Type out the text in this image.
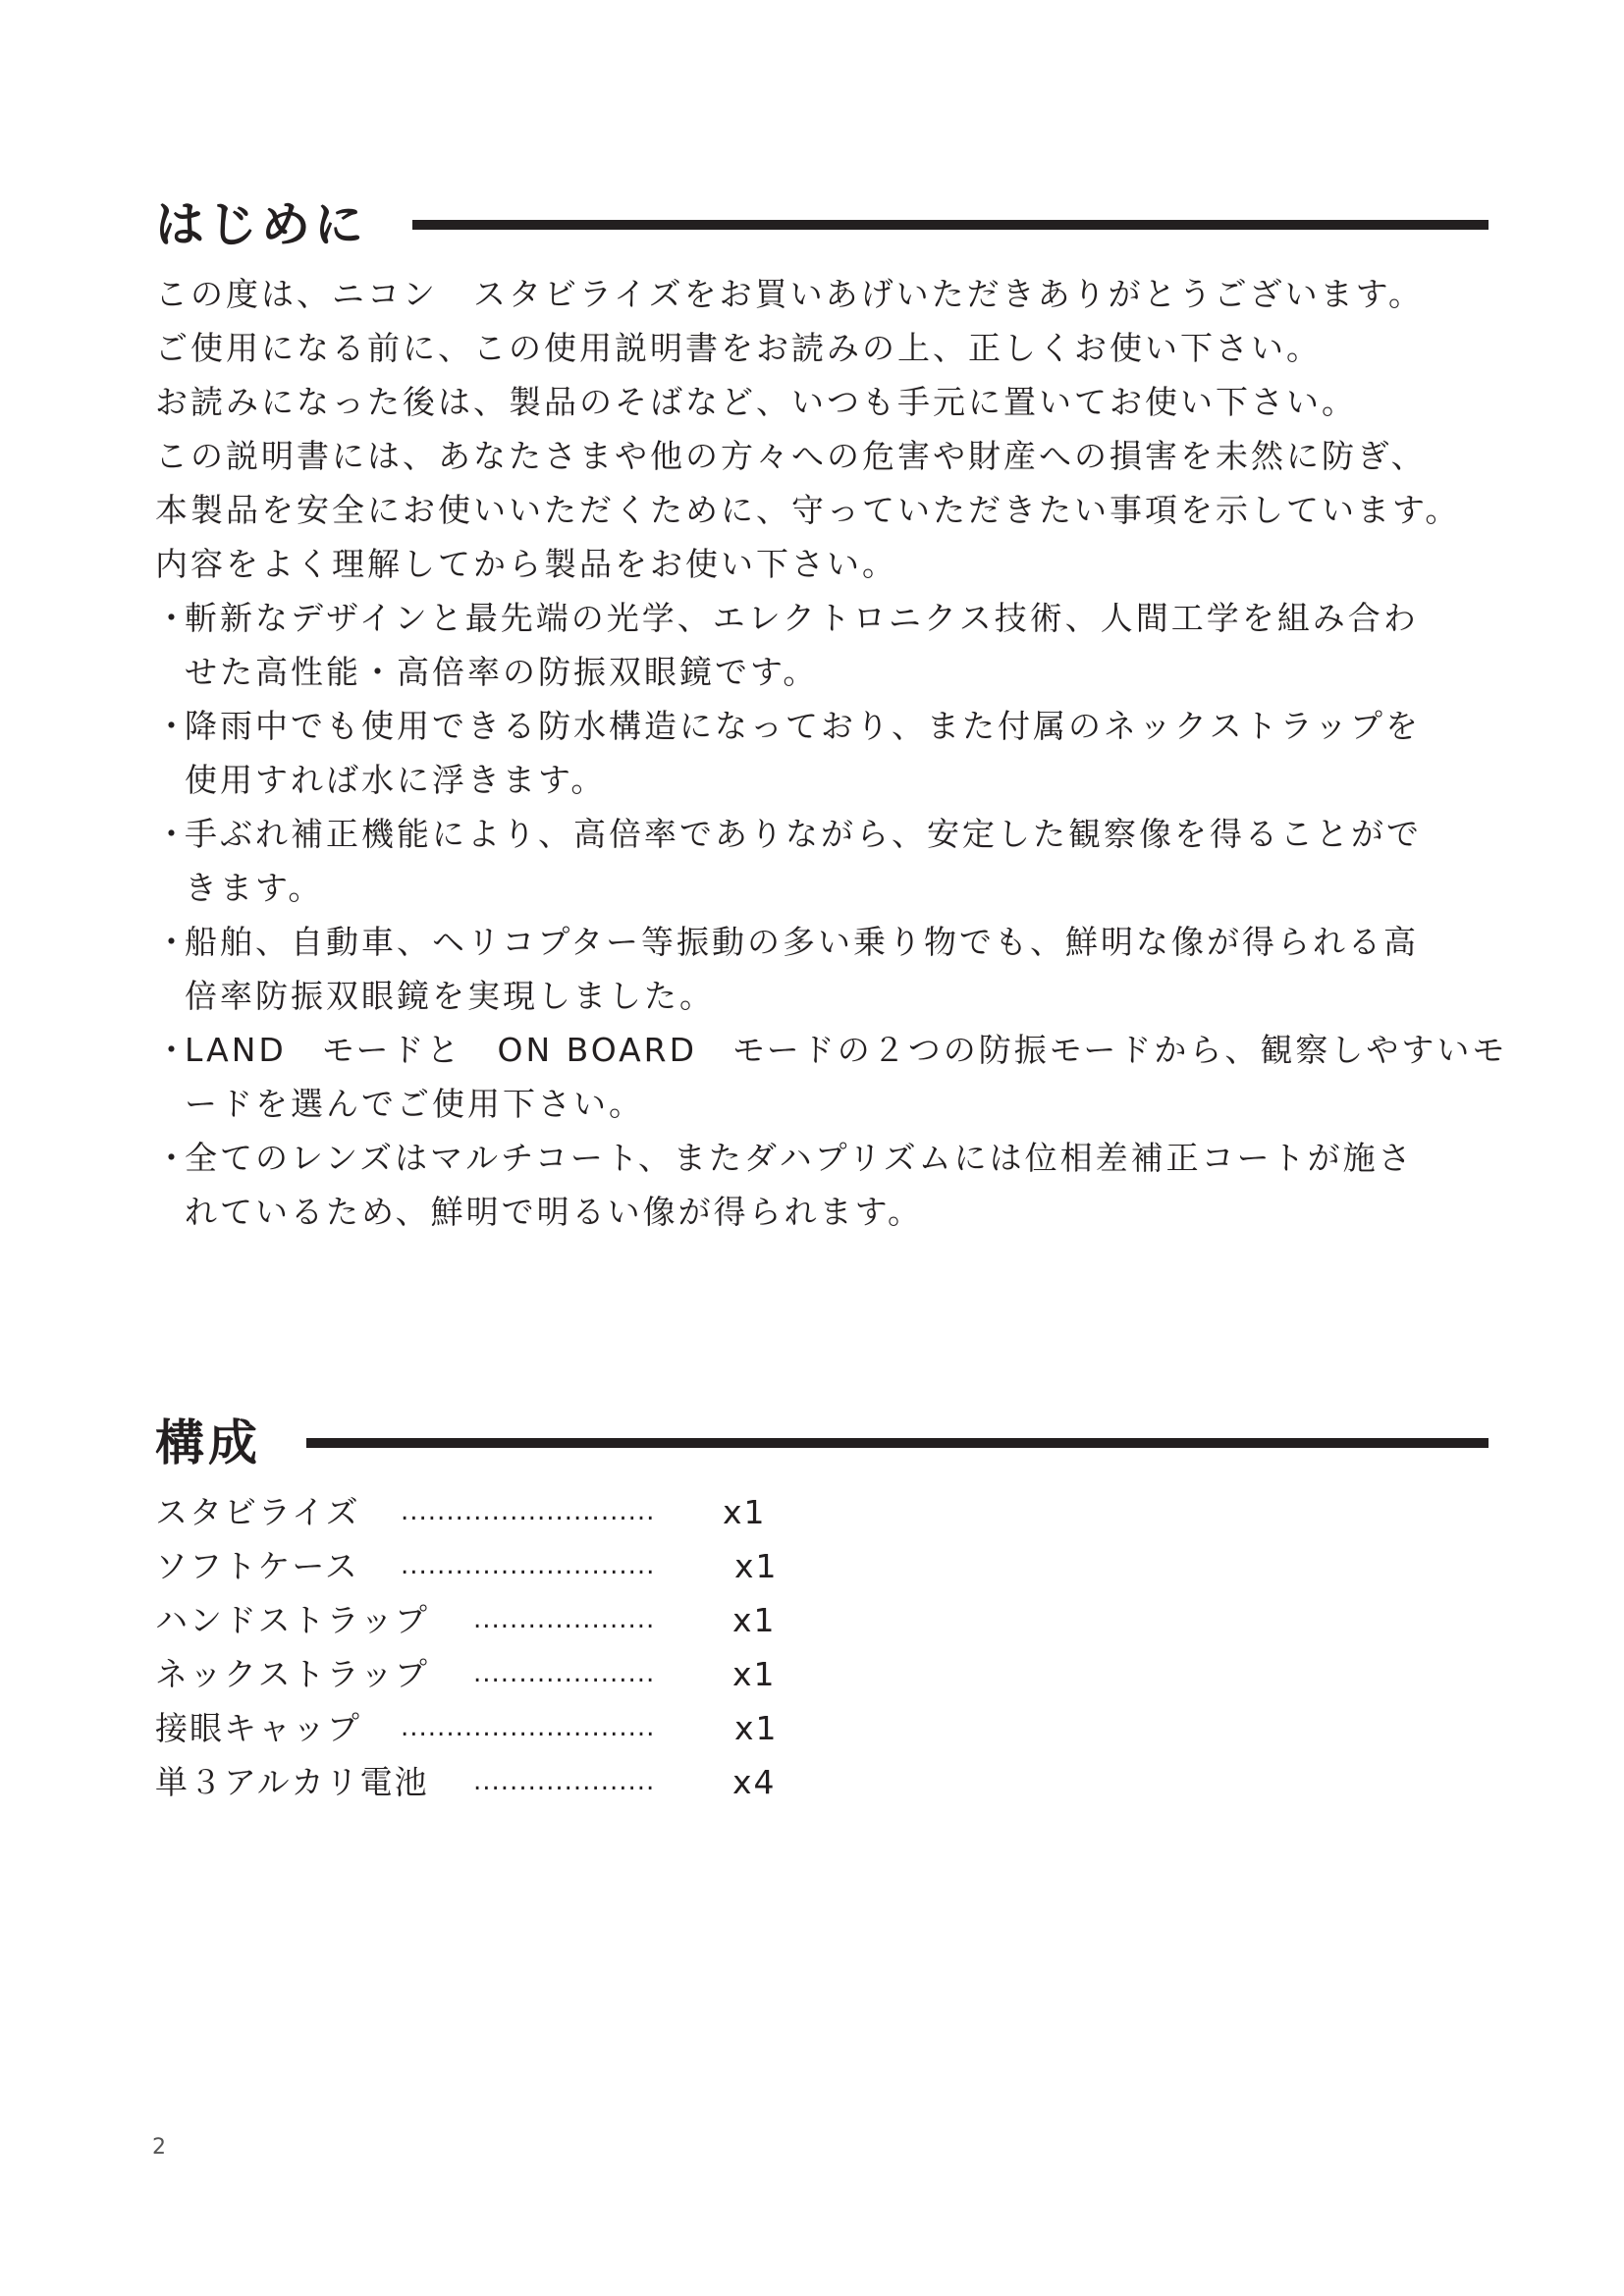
はじめに
この度は、ニコン　スタビライズをお買いあげいただきありがとうございます。
ご使用になる前に、この使用説明書をお読みの上、正しくお使い下さい。
お読みになった後は、製品のそばなど、いつも手元に置いてお使い下さい。
この説明書には、あなたさまや他の方々への危害や財産への損害を未然に防ぎ、
本製品を安全にお使いいただくために、守っていただきたい事項を示しています。
内容をよく理解してから製品をお使い下さい。
・斬新なデザインと最先端の光学、エレクトロニクス技術、人間工学を組み合わ
せた高性能・高倍率の防振双眼鏡です。
・降雨中でも使用できる防水構造になっており、また付属のネックストラップを
使用すれば水に浮きます。
・手ぶれ補正機能により、高倍率でありながら、安定した観察像を得ることがで
きます。
・船舶、自動車、ヘリコプター等振動の多い乗り物でも、鮮明な像が得られる高
倍率防振双眼鏡を実現しました。
・LAND　モードと　ON BOARD　モードの２つの防振モードから、観察しやすいモ
ードを選んでご使用下さい。
・全てのレンズはマルチコート、またダハプリズムには位相差補正コートが施さ
れているため、鮮明で明るい像が得られます。
構成
スタビライズ ............................ x1
ソフトケース ............................ x1
ハンドストラップ .................... x1
ネックストラップ .................... x1
接眼キャップ ............................ x1
単３アルカリ電池 .................... x4
2
